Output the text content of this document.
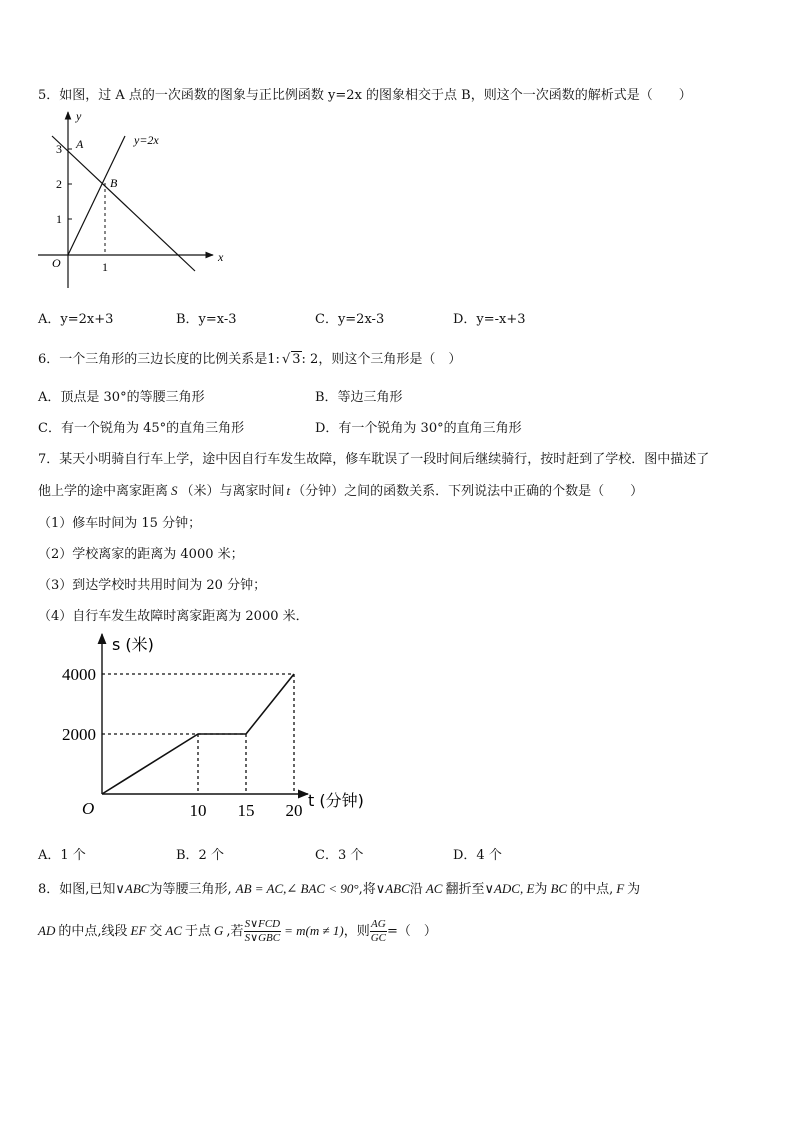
5．如图，过 A 点的一次函数的图象与正比例函数 y=2x 的图象相交于点 B，则这个一次函数的解析式是（　　）
y
x
O
y=2x
A
B
3
2
1
1
A．y=2x+3	B．y=x-3	C．y=2x-3	D．y=-x+3
6．一个三角形的三边长度的比例关系是1: √ 3: 2，则这个三角形是（　）
A．顶点是 30°的等腰三角形	B．等边三角形
C．有一个锐角为 45°的直角三角形	D．有一个锐角为 30°的直角三角形
7．某天小明骑自行车上学，途中因自行车发生故障，修车耽误了一段时间后继续骑行，按时赶到了学校．图中描述了
他上学的途中离家距离 S （米）与离家时间 t （分钟）之间的函数关系．下列说法中正确的个数是（　　）
（1）修车时间为 15 分钟；
（2）学校离家的距离为 4000 米；
（3）到达学校时共用时间为 20 分钟；
（4）自行车发生故障时离家距离为 2000 米．
10 15 20
2000
4000
O
s (米)
t (分钟)
A．1 个	B．2 个	C．3 个	D．4 个
8．如图,已知∨ABC为等腰三角形, AB = AC,∠ BAC < 90°,将∨ABC沿 AC 翻折至∨ADC, E为 BC 的中点, F 为
AD 的中点,线段 EF 交 AC 于点 G ,若 $\frac{\text{S∨FCD}}{\text{S∨GBC}} = m(m \ne 1)$，则 $\frac{AG}{GC}$ =（　）
